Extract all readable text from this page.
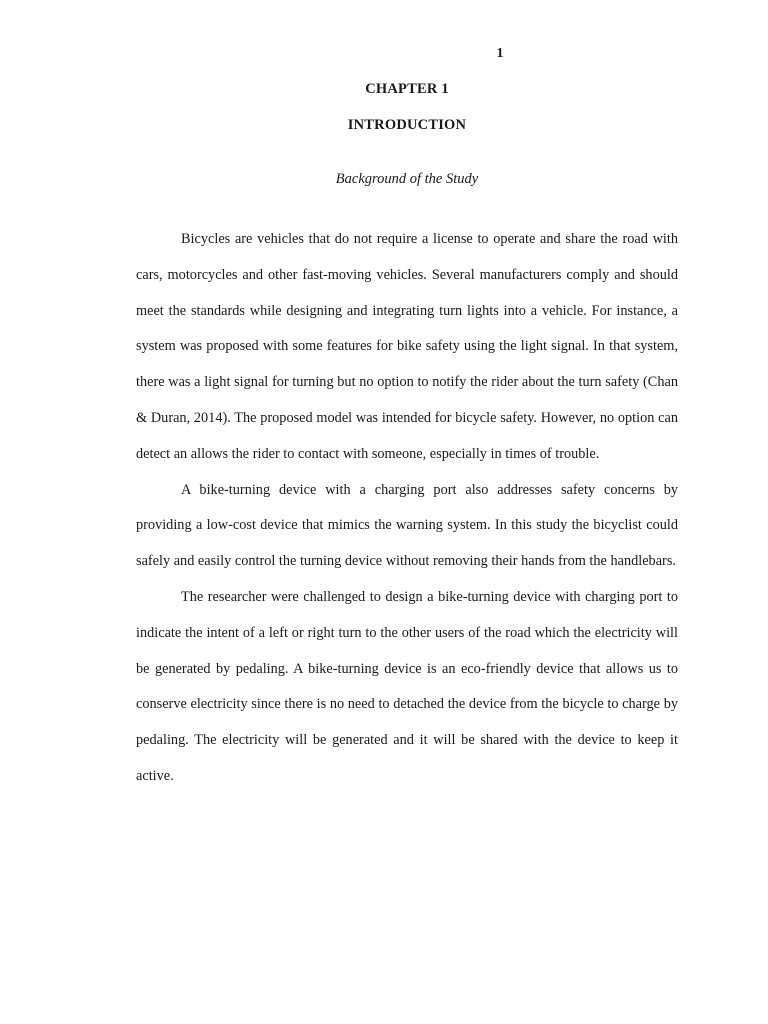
1
CHAPTER 1
INTRODUCTION
Background of the Study

Bicycles are vehicles that do not require a license to operate and share the road with cars, motorcycles and other fast-moving vehicles. Several manufacturers comply and should meet the standards while designing and integrating turn lights into a vehicle. For instance, a system was proposed with some features for bike safety using the light signal. In that system, there was a light signal for turning but no option to notify the rider about the turn safety (Chan & Duran, 2014). The proposed model was intended for bicycle safety. However, no option can detect an allows the rider to contact with someone, especially in times of trouble.

A bike-turning device with a charging port also addresses safety concerns by providing a low-cost device that mimics the warning system. In this study the bicyclist could safely and easily control the turning device without removing their hands from the handlebars.

The researcher were challenged to design a bike-turning device with charging port to indicate the intent of a left or right turn to the other users of the road which the electricity will be generated by pedaling. A bike-turning device is an eco-friendly device that allows us to conserve electricity since there is no need to detached the device from the bicycle to charge by pedaling. The electricity will be generated and it will be shared with the device to keep it active.
